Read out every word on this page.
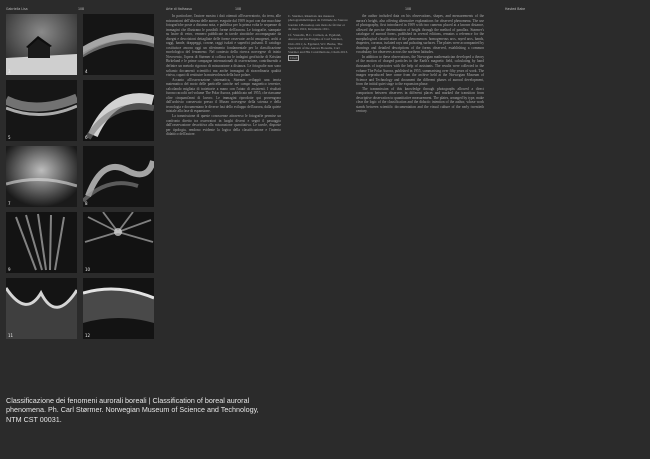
Gabriella Lisa	108
3	4
5	6
7	8
9	10
11	12
Classificazione dei fenomeni aurorali boreali | Classification of boreal auroral
phenomena. Ph. Carl Størmer. Norwegian Museum of Science and Technology,
NTM CST 00031.
Arte di Italhasso	108	Hasted Bake
108

In particolare, l'autore mostra i dati ottenuti all'osservatorio, da terra, alle misurazioni dell'altezza delle aurore, eseguite dal 1909 in poi con due macchine fotografiche poste a distanza nota, e pubblica per la prima volta le sequenze di immagini che illustrano le possibili forme dell'aurora. Le fotografie, stampate su lastre di vetro, vennero pubblicate in tavole sinottiche accompagnate da disegni e descrizioni dettagliate delle forme osservate: archi omogenei, archi a raggi, bande, drappeggi, corone, raggi isolati e superfici pulsanti. Il catalogo costituisce ancora oggi un riferimento fondamentale per la classificazione morfologica del fenomeno. Nel contesto della ricerca norvegese di inizio Novecento, l'opera di Størmer si colloca tra le indagini geofisiche di Kristian Birkeland e le prime campagne internazionali di osservazione, contribuendo a definire un metodo rigoroso di misurazione a distanza. Le fotografie non sono soltanto documenti scientifici ma anche immagini di straordinaria qualità visiva, capaci di restituire la mutevolezza della luce polare.

Accanto all'osservazione sistematica, Størmer sviluppò una teoria matematica del moto delle particelle cariche nel campo magnetico terrestre, calcolando migliaia di traiettorie a mano con l'aiuto di assistenti. I risultati furono raccolti nel volume The Polar Aurora, pubblicato nel 1955, che riassume oltre cinquant'anni di lavoro. Le immagini riprodotte qui provengono dall'archivio conservato presso il Museo norvegese della scienza e della tecnologia e documentano le diverse fasi dello sviluppo dell'aurora, dalla quiete iniziale alla fase di espansione.

La trasmissione di queste conoscenze attraverso le fotografie permise un confronto diretto tra osservatori in luoghi diversi e segnò il passaggio dall'osservazione descrittiva alla misurazione quantitativa. Le tavole, disposte per tipologia, rendono evidente la logica della classificazione e l'intento didattico dell'autore.

C. Størmer, Résultats des mesures photogrammétriques de l'altitude de l'aurore boréale à Bossekop aux mois de février et de mars 1910, Kristiania 1911.

Cf. Vassallo, B.C. Carlsen, A. Egeland, Aurora and the Enigma of Carl Størmer, Oslo 2011; A. Egeland, W.J. Burke, The Spectrum of the Aurora Borealis, Carl Størmer and His Contributions, Cham 2013. Cited

the author included data on his observations, shapes, and measurements of the aurora's height, also offering alternative explanations for observed phenomena. The use of photography, first introduced in 1909 with two cameras placed at a known distance, allowed the precise determination of height through the method of parallax. Størmer's catalogue of auroral forms, published in several editions, remains a reference for the morphological classification of the phenomenon: homogeneous arcs, rayed arcs, bands, draperies, coronas, isolated rays and pulsating surfaces. The plates were accompanied by drawings and detailed descriptions of the forms observed, establishing a common vocabulary for observers across the northern latitudes.

In addition to these observations, the Norwegian mathematician developed a theory of the motion of charged particles in the Earth's magnetic field, calculating by hand thousands of trajectories with the help of assistants. The results were collected in the volume The Polar Aurora, published in 1955, summarising over fifty years of work. The images reproduced here come from the archive held at the Norwegian Museum of Science and Technology and document the different phases of auroral development, from the initial quiet stage to the expansion phase.

The transmission of this knowledge through photographs allowed a direct comparison between observers in different places and marked the transition from descriptive observation to quantitative measurement. The plates, arranged by type, make clear the logic of the classification and the didactic intention of the author, whose work stands between scientific documentation and the visual culture of the early twentieth century.
